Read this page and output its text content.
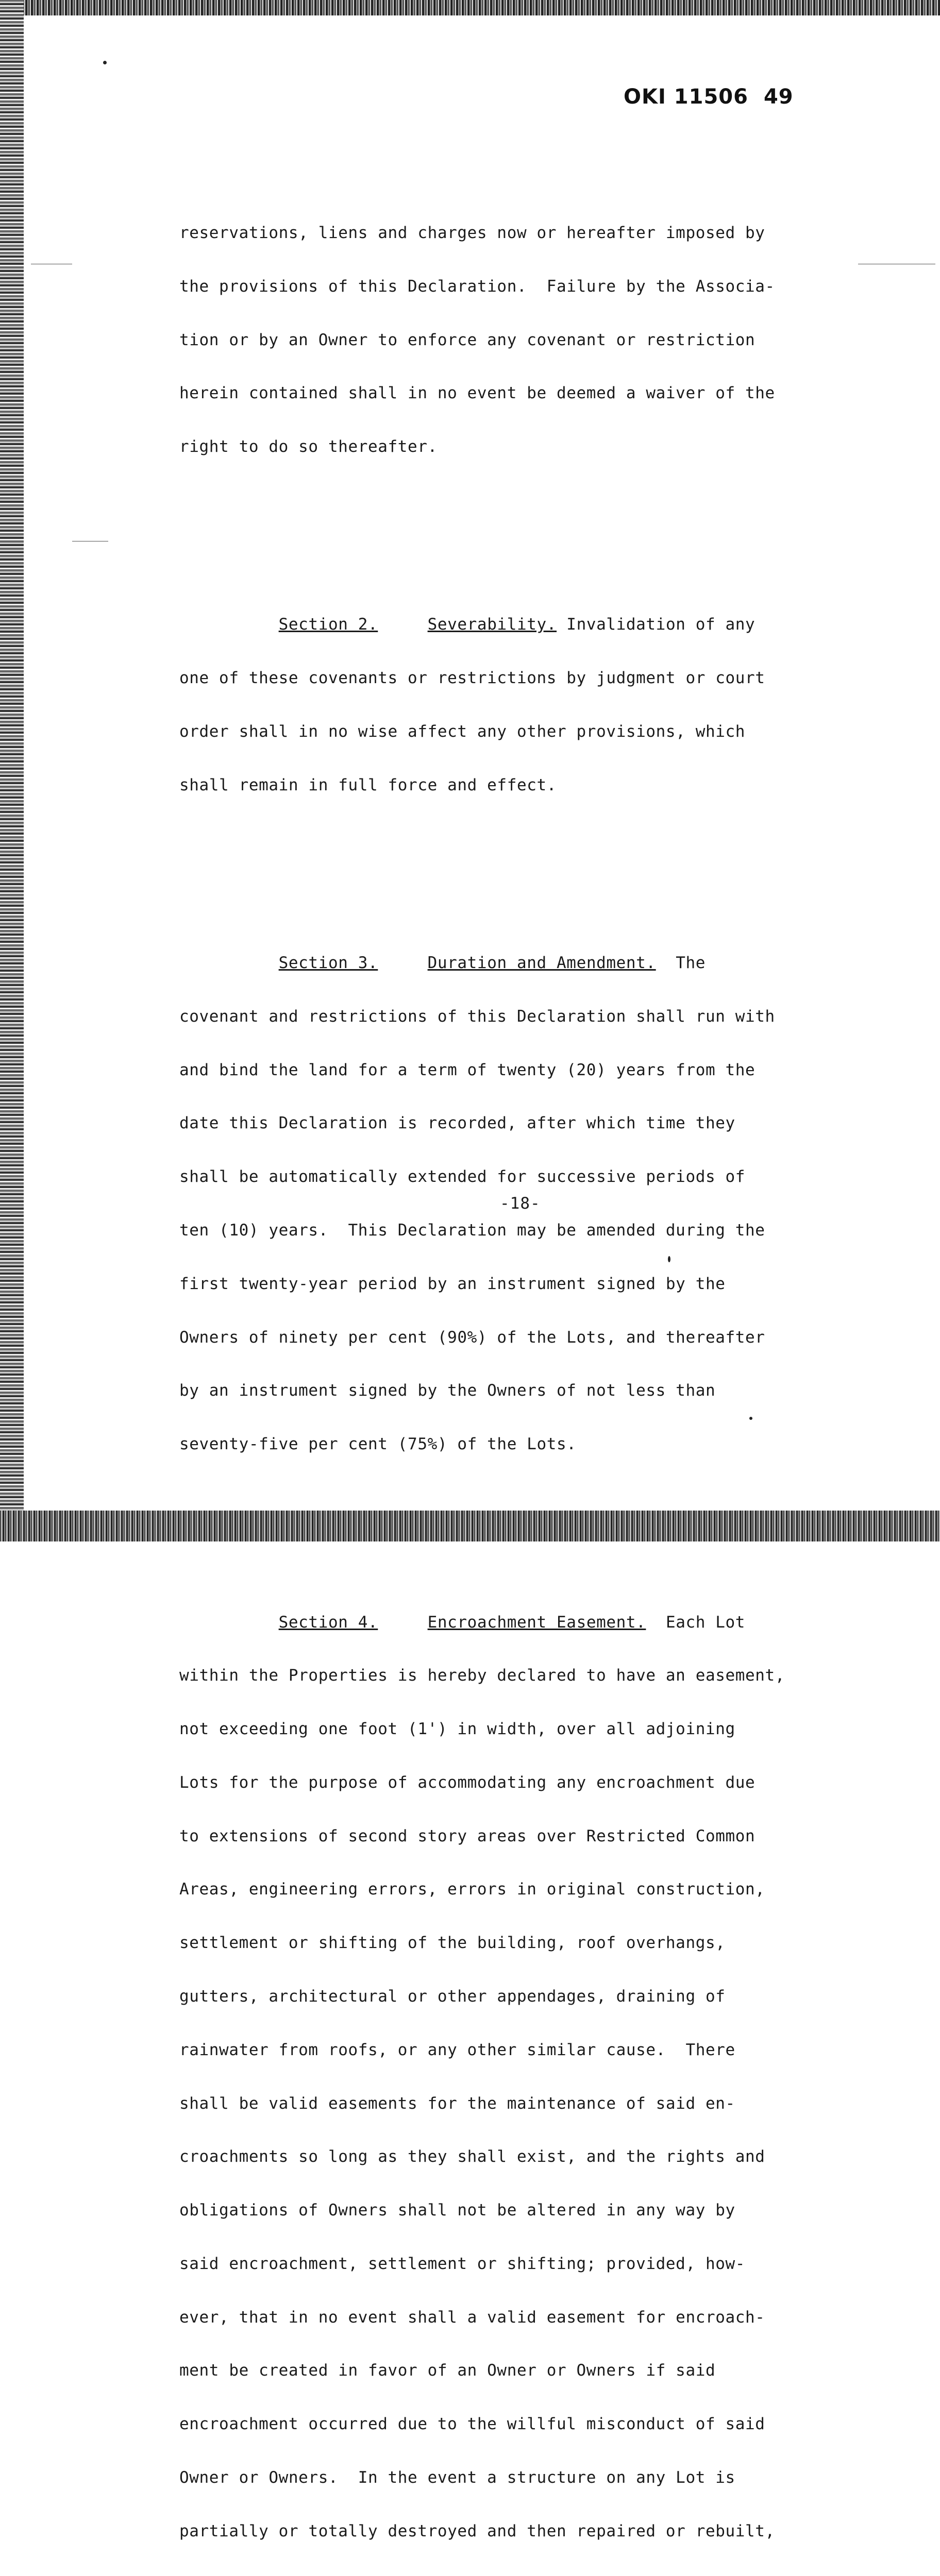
OKI 11506 49

reservations, liens and charges now or hereafter imposed by

the provisions of this Declaration.  Failure by the Associa-

tion or by an Owner to enforce any covenant or restriction

herein contained shall in no event be deemed a waiver of the

right to do so thereafter.

Section 2.	Severability. Invalidation of any

one of these covenants or restrictions by judgment or court

order shall in no wise affect any other provisions, which

shall remain in full force and effect.

Section 3.	Duration and Amendment.  The

covenant and restrictions of this Declaration shall run with

and bind the land for a term of twenty (20) years from the

date this Declaration is recorded, after which time they

shall be automatically extended for successive periods of

ten (10) years.  This Declaration may be amended during the

first twenty-year period by an instrument signed by the

Owners of ninety per cent (90%) of the Lots, and thereafter

by an instrument signed by the Owners of not less than

seventy-five per cent (75%) of the Lots.

Section 4.	Encroachment Easement.  Each Lot

within the Properties is hereby declared to have an easement,

not exceeding one foot (1') in width, over all adjoining

Lots for the purpose of accommodating any encroachment due

to extensions of second story areas over Restricted Common

Areas, engineering errors, errors in original construction,

settlement or shifting of the building, roof overhangs,

gutters, architectural or other appendages, draining of

rainwater from roofs, or any other similar cause.  There

shall be valid easements for the maintenance of said en-

croachments so long as they shall exist, and the rights and

obligations of Owners shall not be altered in any way by

said encroachment, settlement or shifting; provided, how-

ever, that in no event shall a valid easement for encroach-

ment be created in favor of an Owner or Owners if said

encroachment occurred due to the willful misconduct of said

Owner or Owners.  In the event a structure on any Lot is

partially or totally destroyed and then repaired or rebuilt,

-18-
